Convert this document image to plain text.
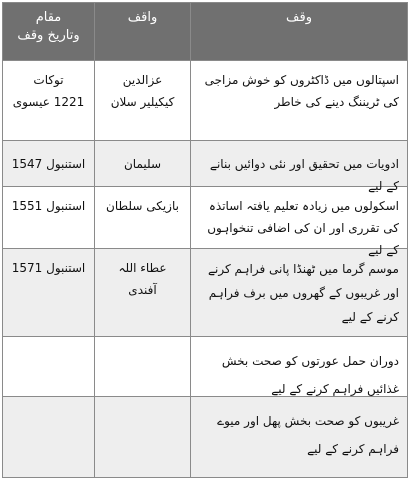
وقف
واقف
مقام
وتاریخ وقف
اسپتالوں میں ڈاکٹروں کو خوش مزاجی کی ٹریننگ دینے کی خاطر
عزالدین
کیکیلیر سلان
توکات
1221 عیسوی
ادویات میں تحقیق اور نئی دوائیں بنانے کے لیے
سلیمان
استنبول 1547
اسکولوں میں زیادہ تعلیم یافتہ اساتذہ کی تقرری اور ان کی اضافی تنخواہوں
بازیکی سلطان
استنبول 1551
موسم گرما میں ٹھنڈا پانی فراہم کرنے اور غریبوں کے گھروں میں برف فراہم کرنے کے لیے
عطاء اللہ آفندی
استنبول 1571
دوران حمل عورتوں کو صحت بخش غذائیں فراہم کرنے کے لیے
غریبوں کو صحت بخش پھل اور میوے فراہم کرنے کے لیے
